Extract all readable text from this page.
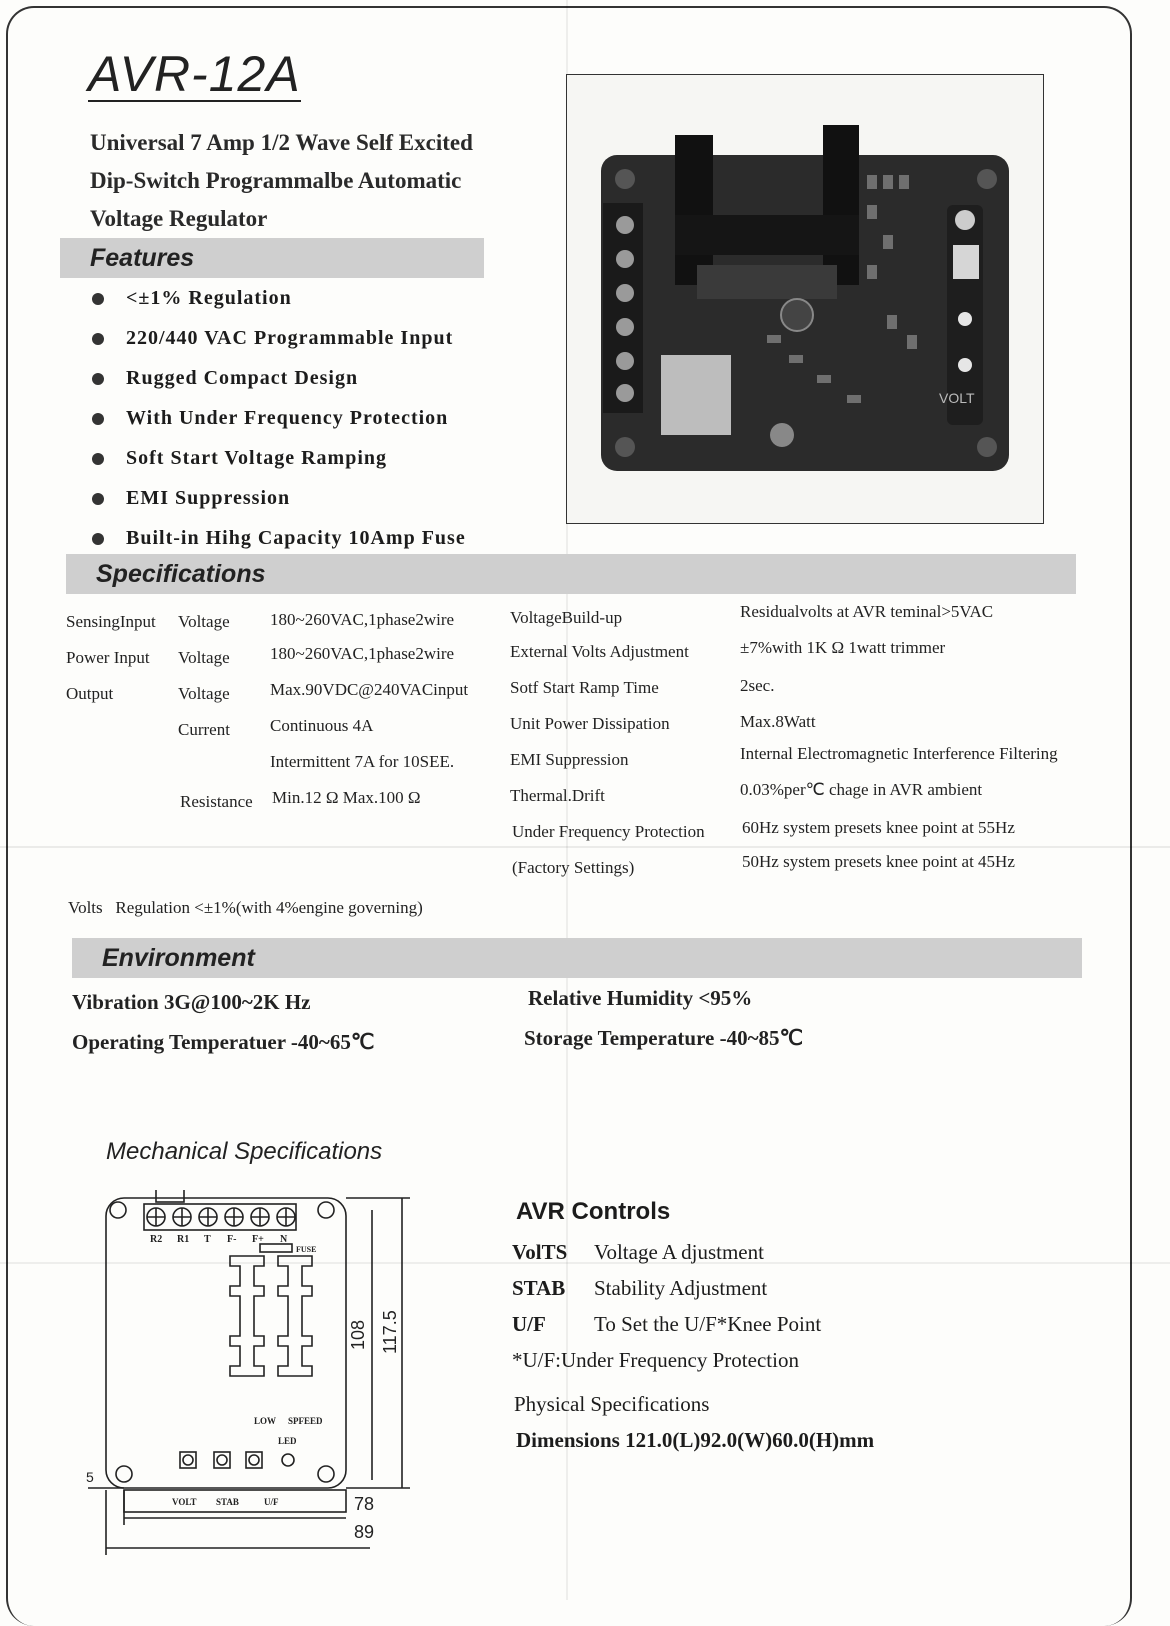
AVR-12A
Universal 7 Amp 1/2 Wave Self Excited
Dip-Switch Programmalbe Automatic
Voltage Regulator
Features
<±1% Regulation
220/440 VAC Programmable Input
Rugged Compact Design
With Under Frequency Protection
Soft Start Voltage Ramping
EMI Suppression
Built-in Hihg Capacity 10Amp Fuse
VOLT
Specifications
SensingInput Voltage 180~260VAC,1phase2wire
Power Input Voltage 180~260VAC,1phase2wire
Output	Voltage Max.90VDC@240VACinput
Current Continuous 4A
Intermittent 7A for 10SEE.
Resistance Min.12 Ω Max.100 Ω
VoltageBuild-up	Residualvolts at AVR teminal>5VAC
External Volts Adjustment	±7%with 1K Ω 1watt trimmer
Sotf Start Ramp Time	2sec.
Unit Power Dissipation	Max.8Watt
EMI Suppression	Internal Electromagnetic Interference Filtering
Thermal.Drift	0.03%per℃ chage in AVR ambient
Under Frequency Protection 60Hz system presets knee point at 55Hz
(Factory Settings)	50Hz system presets knee point at 45Hz
Volts   Regulation <±1%(with 4%engine governing)
Environment
Vibration 3G@100~2K Hz	Relative Humidity <95%
Operating Temperatuer -40~65℃	Storage Temperature -40~85℃
Mechanical Specifications
R2 R1 T F- F+ N
FUSE
LOW SPFEED
LED
VOLT STAB	U/F
108 117.5
78
89
5
AVR Controls
VolTS Voltage A djustment
STAB Stability Adjustment
U/F To Set the U/F*Knee Point
*U/F:Under Frequency Protection
Physical Specifications
Dimensions 121.0(L)92.0(W)60.0(H)mm
